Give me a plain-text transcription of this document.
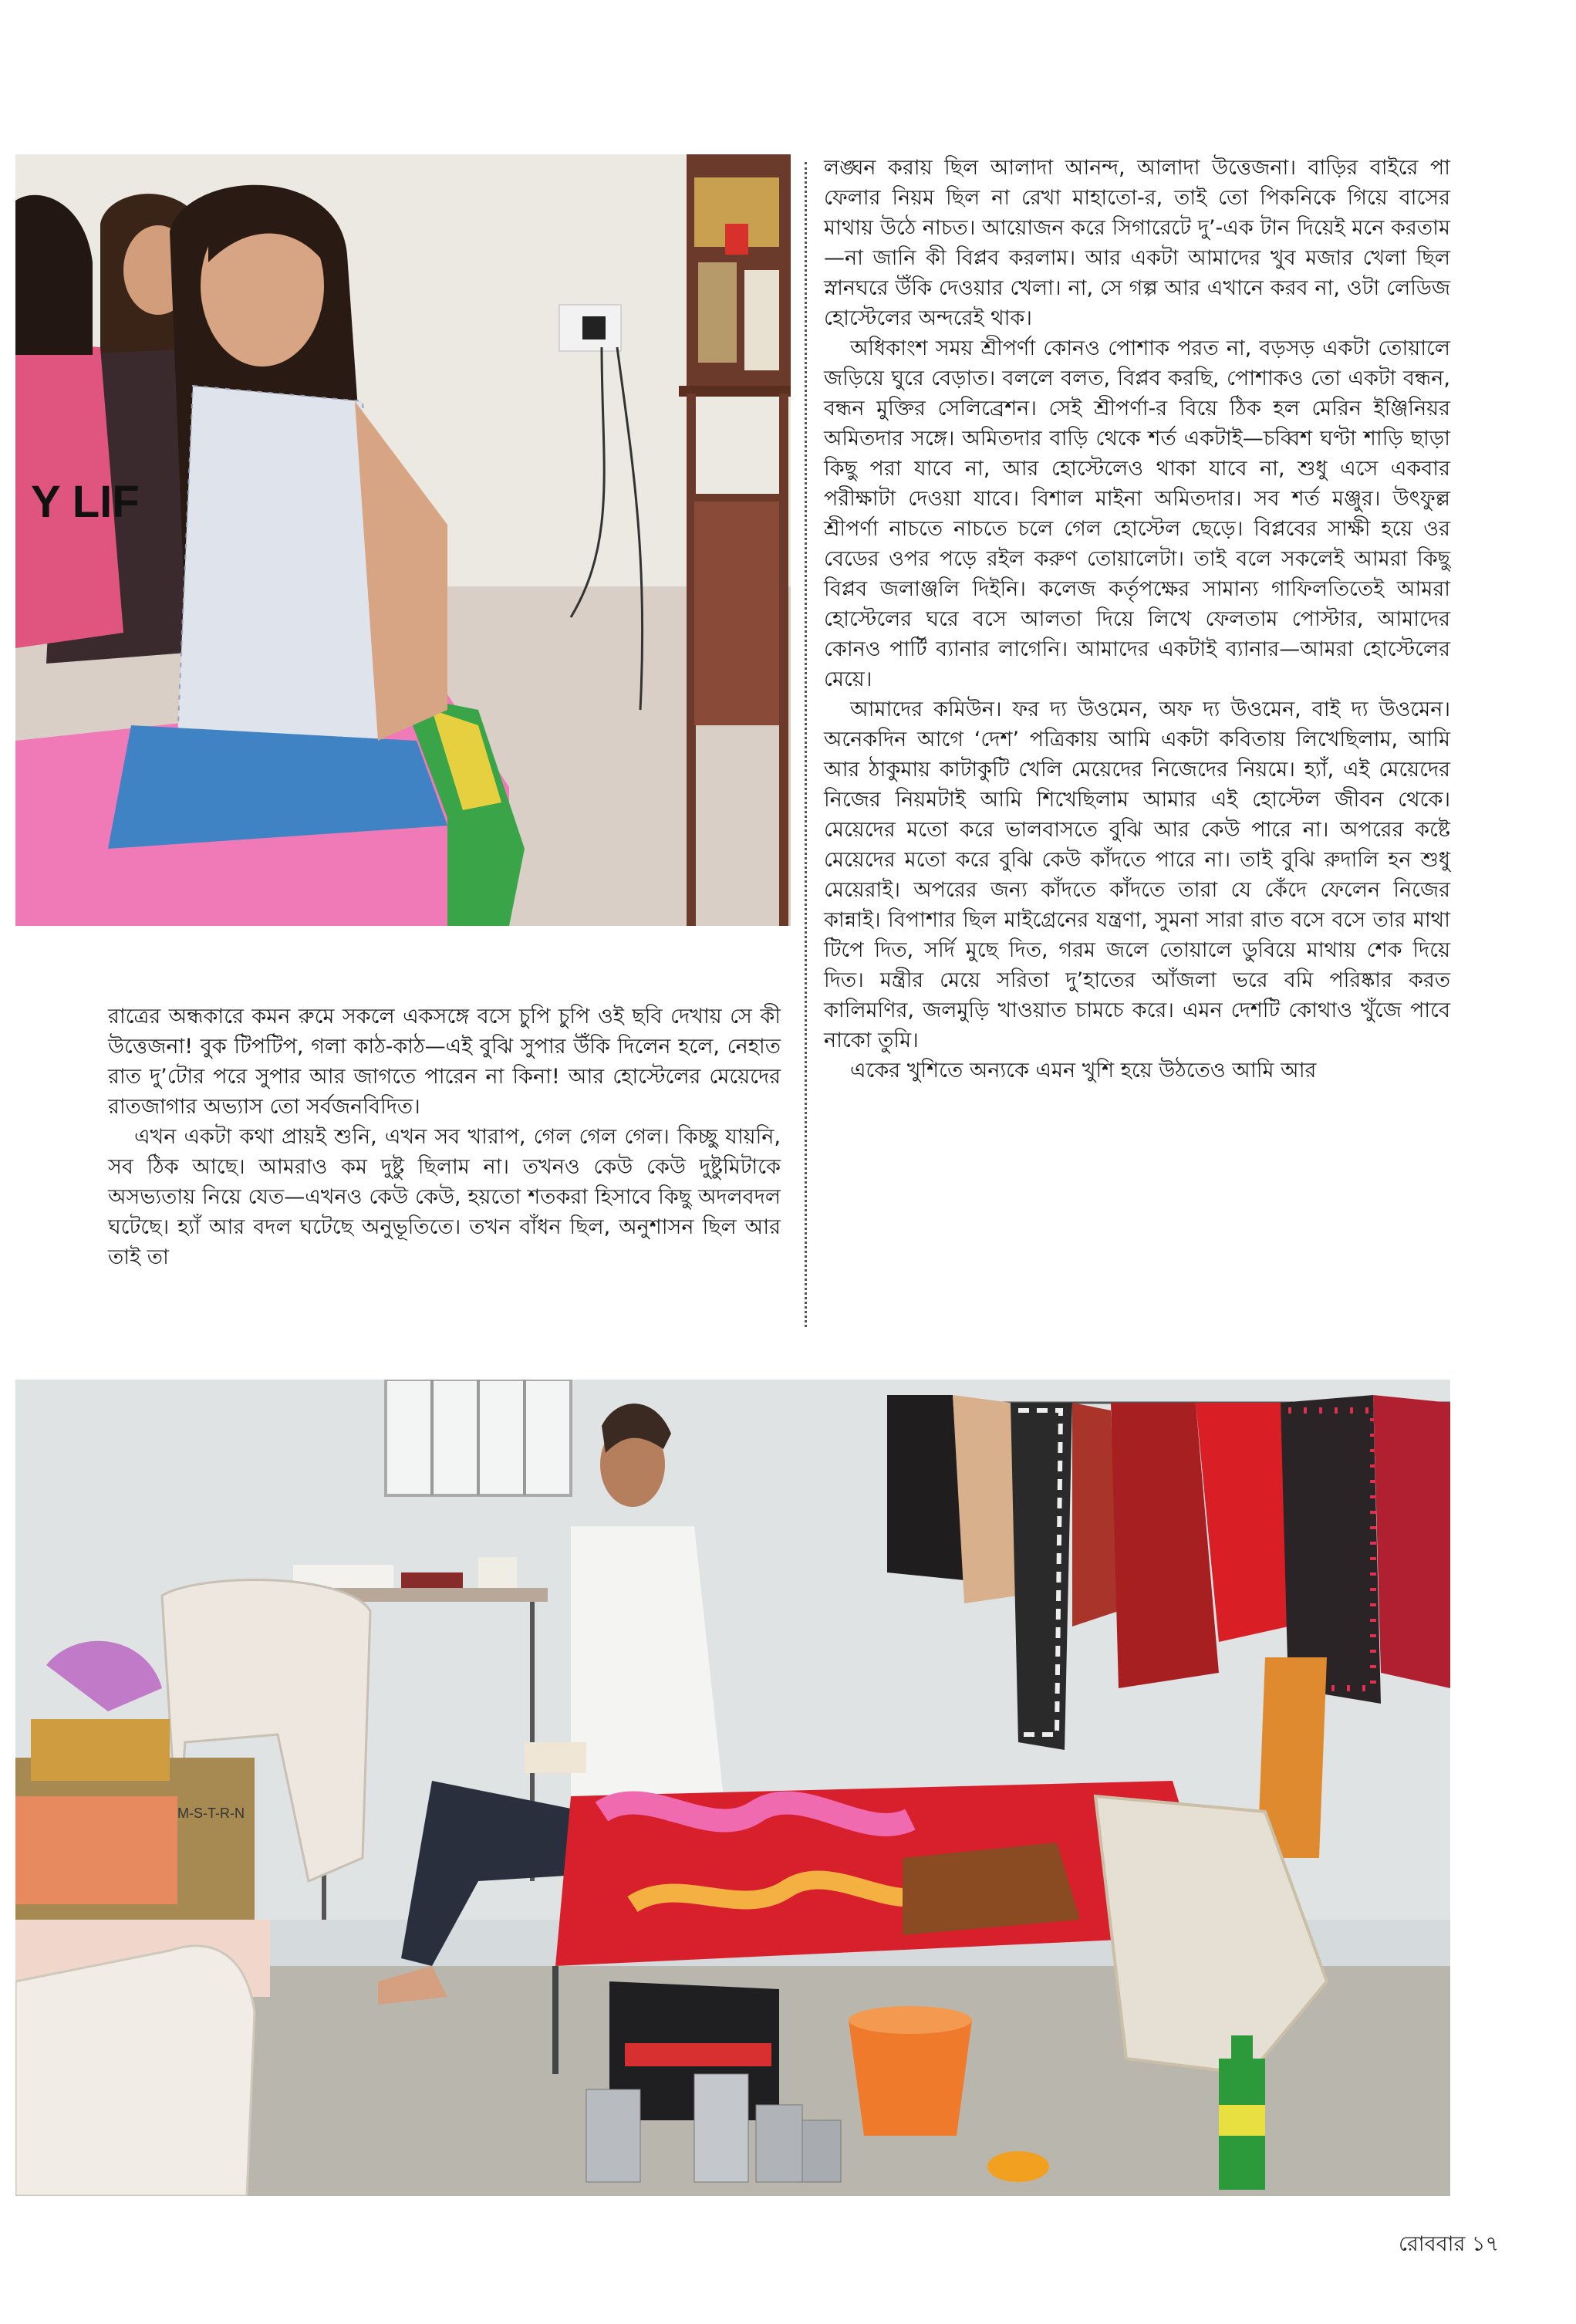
Y LIF

লঙ্ঘন করায় ছিল আলাদা আনন্দ, আলাদা উত্তেজনা। বাড়ির বাইরে পা ফেলার নিয়ম ছিল না রেখা মাহাতো-র, তাই তো পিকনিকে গিয়ে বাসের মাথায় উঠে নাচত। আয়োজন করে সিগারেটে দু’-এক টান দিয়েই মনে করতাম—না জানি কী বিপ্লব করলাম। আর একটা আমাদের খুব মজার খেলা ছিল স্নানঘরে উঁকি দেওয়ার খেলা। না, সে গল্প আর এখানে করব না, ওটা লেডিজ হোস্টেলের অন্দরেই থাক।

অধিকাংশ সময় শ্রীপর্ণা কোনও পোশাক পরত না, বড়সড় একটা তোয়ালে জড়িয়ে ঘুরে বেড়াত। বললে বলত, বিপ্লব করছি, পোশাকও তো একটা বন্ধন, বন্ধন মুক্তির সেলিব্রেশন। সেই শ্রীপর্ণা-র বিয়ে ঠিক হল মেরিন ইঞ্জিনিয়র অমিতদার সঙ্গে। অমিতদার বাড়ি থেকে শর্ত একটাই—চব্বিশ ঘণ্টা শাড়ি ছাড়া কিছু পরা যাবে না, আর হোস্টেলেও থাকা যাবে না, শুধু এসে একবার পরীক্ষাটা দেওয়া যাবে। বিশাল মাইনা অমিতদার। সব শর্ত মঞ্জুর। উৎফুল্ল শ্রীপর্ণা নাচতে নাচতে চলে গেল হোস্টেল ছেড়ে। বিপ্লবের সাক্ষী হয়ে ওর বেডের ওপর পড়ে রইল করুণ তোয়ালেটা। তাই বলে সকলেই আমরা কিছু বিপ্লব জলাঞ্জলি দিইনি। কলেজ কর্তৃপক্ষের সামান্য গাফিলতিতেই আমরা হোস্টেলের ঘরে বসে আলতা দিয়ে লিখে ফেলতাম পোস্টার, আমাদের কোনও পার্টি ব্যানার লাগেনি। আমাদের একটাই ব্যানার—আমরা হোস্টেলের মেয়ে।

আমাদের কমিউন। ফর দ্য উওমেন, অফ দ্য উওমেন, বাই দ্য উওমেন। অনেকদিন আগে ‘দেশ’ পত্রিকায় আমি একটা কবিতায় লিখেছিলাম, আমি আর ঠাকুমায় কাটাকুটি খেলি মেয়েদের নিজেদের নিয়মে। হ্যাঁ, এই মেয়েদের নিজের নিয়মটাই আমি শিখেছিলাম আমার এই হোস্টেল জীবন থেকে। মেয়েদের মতো করে ভালবাসতে বুঝি আর কেউ পারে না। অপরের কষ্টে মেয়েদের মতো করে বুঝি কেউ কাঁদতে পারে না। তাই বুঝি রুদালি হন শুধু মেয়েরাই। অপরের জন্য কাঁদতে কাঁদতে তারা যে কেঁদে ফেলেন নিজের কান্নাই। বিপাশার ছিল মাইগ্রেনের যন্ত্রণা, সুমনা সারা রাত বসে বসে তার মাথা টিপে দিত, সর্দি মুছে দিত, গরম জলে তোয়ালে ডুবিয়ে মাথায় শেক দিয়ে দিত। মন্ত্রীর মেয়ে সরিতা দু’হাতের আঁজলা ভরে বমি পরিষ্কার করত কালিমণির, জলমুড়ি খাওয়াত চামচে করে। এমন দেশটি কোথাও খুঁজে পাবে নাকো তুমি।

একের খুশিতে অন্যকে এমন খুশি হয়ে উঠতেও আমি আর

রাত্রের অন্ধকারে কমন রুমে সকলে একসঙ্গে বসে চুপি চুপি ওই ছবি দেখায় সে কী উত্তেজনা! বুক টিপটিপ, গলা কাঠ-কাঠ—এই বুঝি সুপার উঁকি দিলেন হলে, নেহাত রাত দু’টোর পরে সুপার আর জাগতে পারেন না কিনা! আর হোস্টেলের মেয়েদের রাতজাগার অভ্যাস তো সর্বজনবিদিত।

এখন একটা কথা প্রায়ই শুনি, এখন সব খারাপ, গেল গেল গেল। কিচ্ছু যায়নি, সব ঠিক আছে। আমরাও কম দুষ্টু ছিলাম না। তখনও কেউ কেউ দুষ্টুমিটাকে অসভ্যতায় নিয়ে যেত—এখনও কেউ কেউ, হয়তো শতকরা হিসাবে কিছু অদলবদল ঘটেছে। হ্যাঁ আর বদল ঘটেছে অনুভূতিতে। তখন বাঁধন ছিল, অনুশাসন ছিল আর তাই তা

M-S-T-R-N
রোববার ১৭
